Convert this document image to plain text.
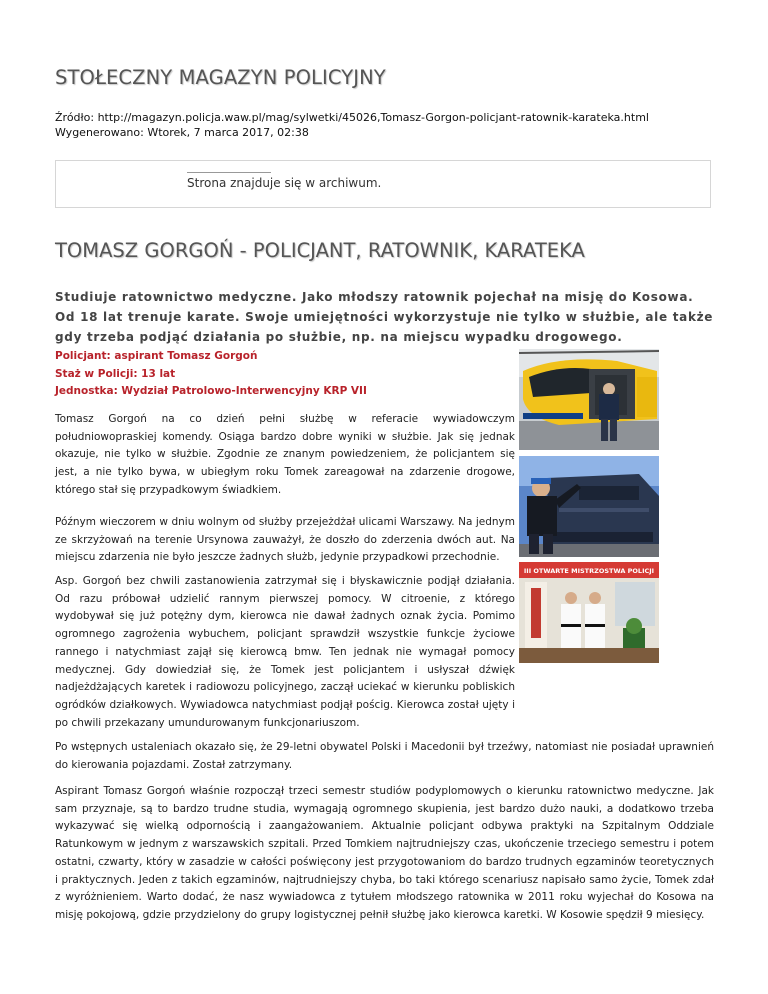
STOŁECZNY MAGAZYN POLICYJNY
Źródło: http://magazyn.policja.waw.pl/mag/sylwetki/45026,Tomasz-Gorgon-policjant-ratownik-karateka.html
Wygenerowano: Wtorek, 7 marca 2017, 02:38
Strona znajduje się w archiwum.
TOMASZ GORGOŃ - POLICJANT, RATOWNIK, KARATEKA

Studiuje ratownictwo medyczne. Jako młodszy ratownik pojechał na misję do Kosowa. Od 18 lat trenuje karate. Swoje umiejętności wykorzystuje nie tylko w służbie, ale także gdy trzeba podjąć działania po służbie, np. na miejscu wypadku drogowego.

Policjant: aspirant Tomasz Gorgoń
Staż w Policji: 13 lat
Jednostka: Wydział Patrolowo-Interwencyjny KRP VII
III OTWARTE MISTRZOSTWA POLICJI

Tomasz Gorgoń na co dzień pełni służbę w referacie wywiadowczym południowopraskiej komendy. Osiąga bardzo dobre wyniki w służbie. Jak się jednak okazuje, nie tylko w służbie. Zgodnie ze znanym powiedzeniem, że policjantem się jest, a nie tylko bywa, w ubiegłym roku Tomek zareagował na zdarzenie drogowe, którego stał się przypadkowym świadkiem.

Późnym wieczorem w dniu wolnym od służby przejeżdżał ulicami Warszawy. Na jednym ze skrzyżowań na terenie Ursynowa zauważył, że doszło do zderzenia dwóch aut. Na miejscu zdarzenia nie było jeszcze żadnych służb, jedynie przypadkowi przechodnie.

Asp. Gorgoń bez chwili zastanowienia zatrzymał się i błyskawicznie podjął działania. Od razu próbował udzielić rannym pierwszej pomocy. W citroenie, z którego wydobywał się już potężny dym, kierowca nie dawał żadnych oznak życia. Pomimo ogromnego zagrożenia wybuchem, policjant sprawdził wszystkie funkcje życiowe rannego i natychmiast zajął się kierowcą bmw. Ten jednak nie wymagał pomocy medycznej. Gdy dowiedział się, że Tomek jest policjantem i usłyszał dźwięk nadjeżdżających karetek i radiowozu policyjnego, zaczął uciekać w kierunku pobliskich ogródków działkowych. Wywiadowca natychmiast podjął pościg. Kierowca został ujęty i po chwili przekazany umundurowanym funkcjonariuszom.

Po wstępnych ustaleniach okazało się, że 29-letni obywatel Polski i Macedonii był trzeźwy, natomiast nie posiadał uprawnień do kierowania pojazdami. Został zatrzymany.

Aspirant Tomasz Gorgoń właśnie rozpoczął trzeci semestr studiów podyplomowych o kierunku ratownictwo medyczne. Jak sam przyznaje, są to bardzo trudne studia, wymagają ogromnego skupienia, jest bardzo dużo nauki, a dodatkowo trzeba wykazywać się wielką odpornością i zaangażowaniem. Aktualnie policjant odbywa praktyki na Szpitalnym Oddziale Ratunkowym w jednym z warszawskich szpitali. Przed Tomkiem najtrudniejszy czas, ukończenie trzeciego semestru i potem ostatni, czwarty, który w zasadzie w całości poświęcony jest przygotowaniom do bardzo trudnych egzaminów teoretycznych i praktycznych. Jeden z takich egzaminów, najtrudniejszy chyba, bo taki którego scenariusz napisało samo życie, Tomek zdał z wyróżnieniem. Warto dodać, że nasz wywiadowca z tytułem młodszego ratownika w 2011 roku wyjechał do Kosowa na misję pokojową, gdzie przydzielony do grupy logistycznej pełnił służbę jako kierowca karetki. W Kosowie spędził 9 miesięcy.
